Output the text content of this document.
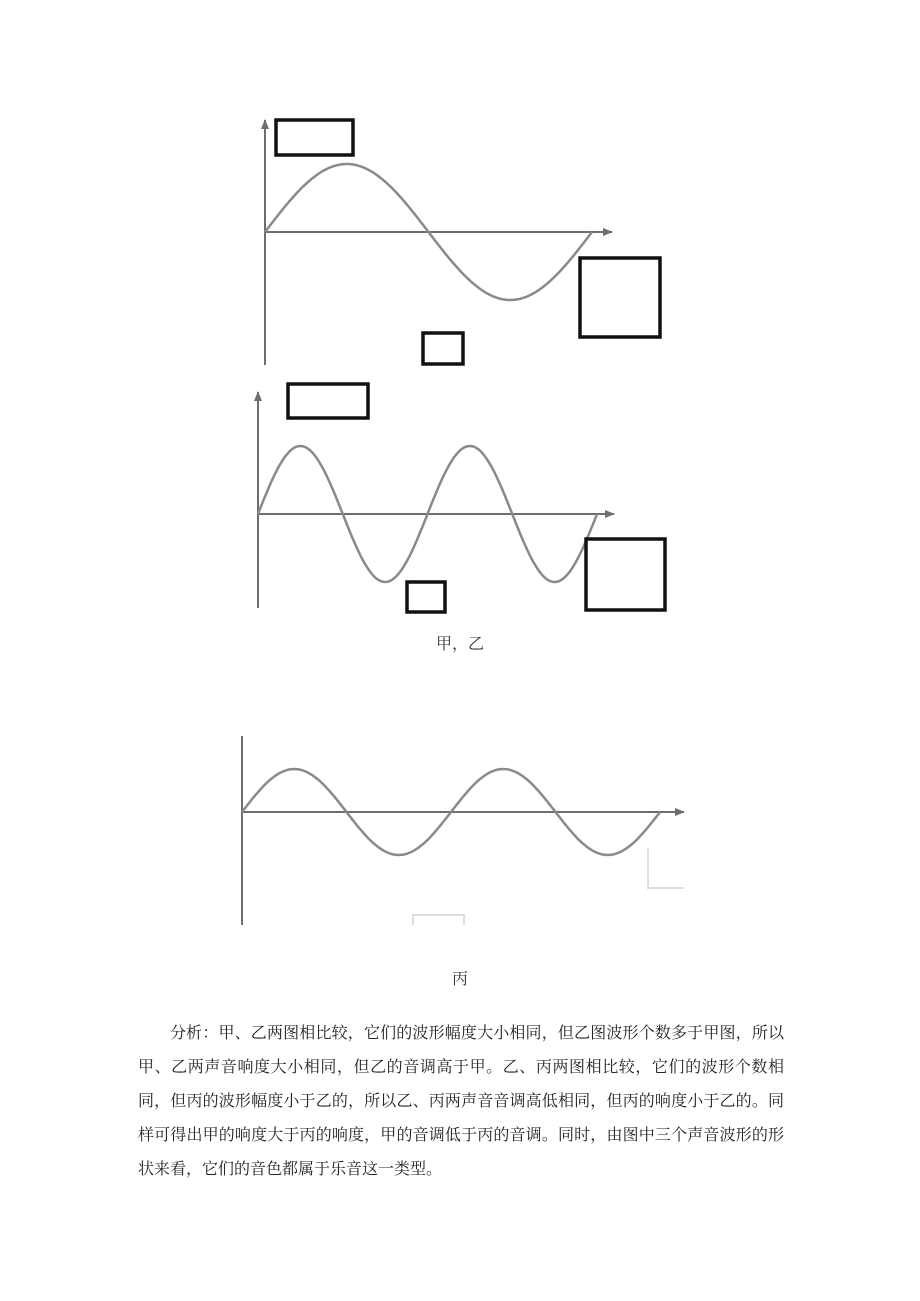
甲，乙
丙

分析：甲、乙两图相比较，它们的波形幅度大小相同，但乙图波形个数多于甲图，所以甲、乙两声音响度大小相同，但乙的音调高于甲。乙、丙两图相比较，它们的波形个数相同，但丙的波形幅度小于乙的，所以乙、丙两声音音调高低相同，但丙的响度小于乙的。同样可得出甲的响度大于丙的响度，甲的音调低于丙的音调。同时，由图中三个声音波形的形状来看，它们的音色都属于乐音这一类型。
